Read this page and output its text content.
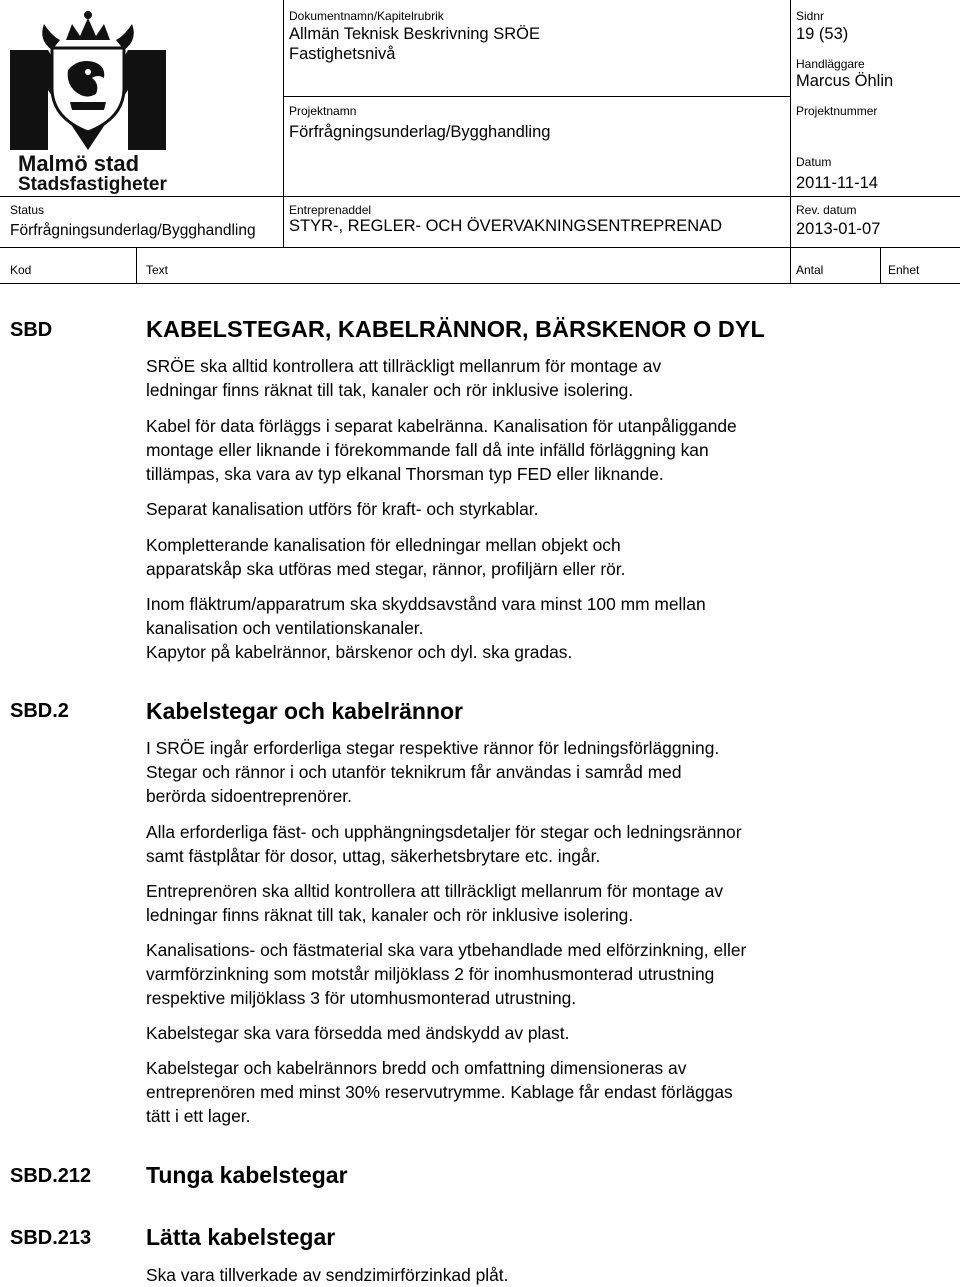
Malmö stad
Stadsfastigheter
Dokumentnamn/Kapitelrubrik
Allmän Teknisk Beskrivning SRÖE
Fastighetsnivå
Projektnamn
Förfrågningsunderlag/Bygghandling
Sidnr
19 (53)
Handläggare
Marcus Öhlin
Projektnummer
Datum
2011-11-14
Status
Förfrågningsunderlag/Bygghandling
Entreprenaddel
STYR-, REGLER- OCH ÖVERVAKNINGSENTREPRENAD
Rev. datum
2013-01-07
Kod	Text	Antal	Enhet
SBD	KABELSTEGAR, KABELRÄNNOR, BÄRSKENOR O DYL

SRÖE ska alltid kontrollera att tillräckligt mellanrum för montage av

ledningar finns räknat till tak, kanaler och rör inklusive isolering.

Kabel för data förläggs i separat kabelränna. Kanalisation för utanpåliggande

montage eller liknande i förekommande fall då inte infälld förläggning kan

tillämpas, ska vara av typ elkanal Thorsman typ FED eller liknande.

Separat kanalisation utförs för kraft- och styrkablar.

Kompletterande kanalisation för elledningar mellan objekt och

apparatskåp ska utföras med stegar, rännor, profiljärn eller rör.

Inom fläktrum/apparatrum ska skyddsavstånd vara minst 100 mm mellan

kanalisation och ventilationskanaler.

Kapytor på kabelrännor, bärskenor och dyl. ska gradas.

SBD.2	Kabelstegar och kabelrännor

I SRÖE ingår erforderliga stegar respektive rännor för ledningsförläggning.

Stegar och rännor i och utanför teknikrum får användas i samråd med

berörda sidoentreprenörer.

Alla erforderliga fäst- och upphängningsdetaljer för stegar och ledningsrännor

samt fästplåtar för dosor, uttag, säkerhetsbrytare etc. ingår.

Entreprenören ska alltid kontrollera att tillräckligt mellanrum för montage av

ledningar finns räknat till tak, kanaler och rör inklusive isolering.

Kanalisations- och fästmaterial ska vara ytbehandlade med elförzinkning, eller

varmförzinkning som motstår miljöklass 2 för inomhusmonterad utrustning

respektive miljöklass 3 för utomhusmonterad utrustning.

Kabelstegar ska vara försedda med ändskydd av plast.

Kabelstegar och kabelrännors bredd och omfattning dimensioneras av

entreprenören med minst 30% reservutrymme. Kablage får endast förläggas

tätt i ett lager.

SBD.212 Tunga kabelstegar
SBD.213 Lätta kabelstegar

Ska vara tillverkade av sendzimirförzinkad plåt.
